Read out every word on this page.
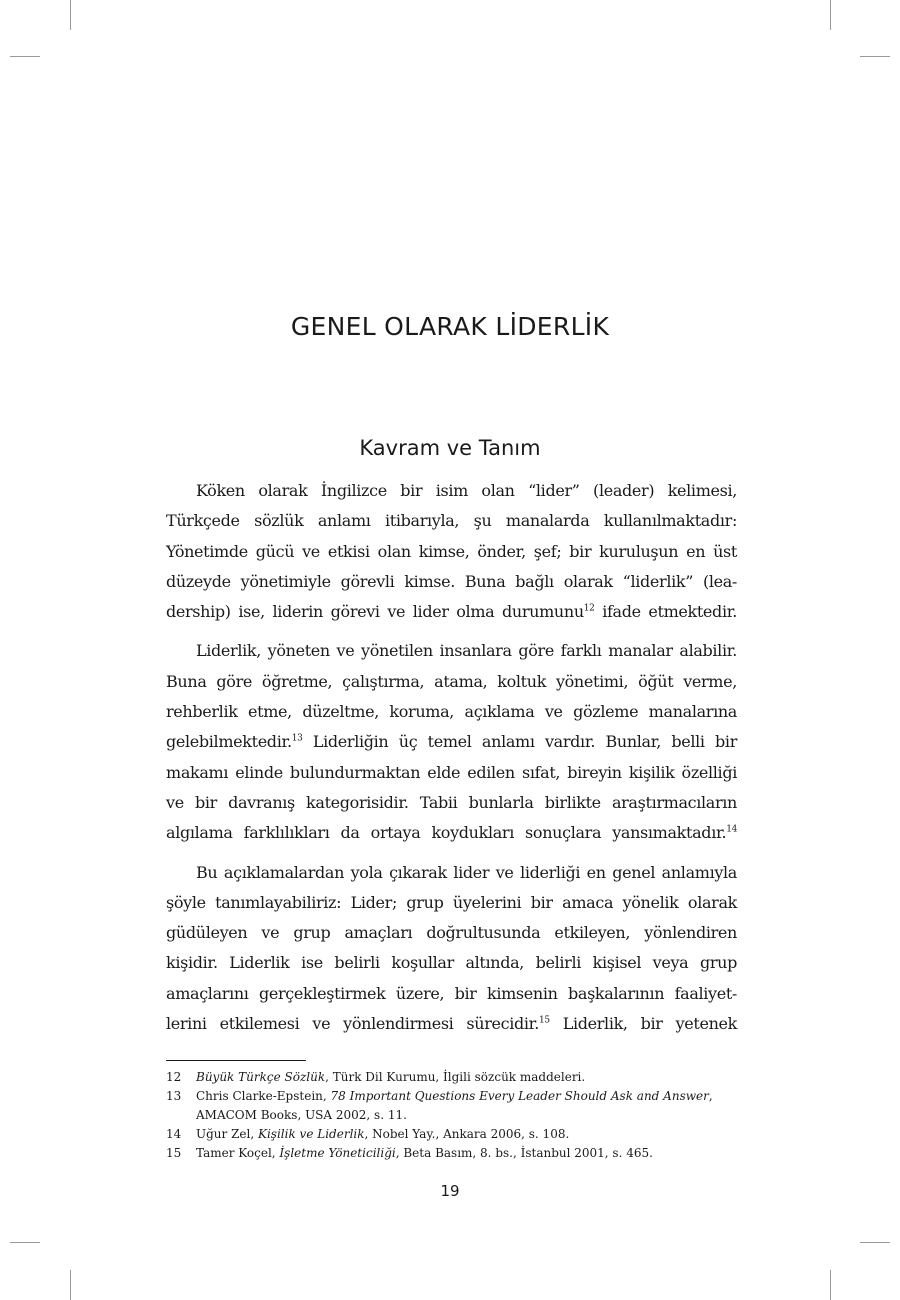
GENEL OLARAK LİDERLİK
Kavram ve Tanım

Köken olarak İngilizce bir isim olan “lider” (leader) kelimesi,

Türkçede sözlük anlamı itibarıyla, şu manalarda kullanılmaktadır:

Yönetimde gücü ve etkisi olan kimse, önder, şef; bir kuruluşun en üst

düzeyde yönetimiyle görevli kimse. Buna bağlı olarak “liderlik” (lea-

dership) ise, liderin görevi ve lider olma durumunu$^{12}$ ifade etmektedir.

Liderlik, yöneten ve yönetilen insanlara göre farklı manalar alabilir.

Buna göre öğretme, çalıştırma, atama, koltuk yönetimi, öğüt verme,

rehberlik etme, düzeltme, koruma, açıklama ve gözleme manalarına

gelebilmektedir.$^{13}$ Liderliğin üç temel anlamı vardır. Bunlar, belli bir

makamı elinde bulundurmaktan elde edilen sıfat, bireyin kişilik özelliği

ve bir davranış kategorisidir. Tabii bunlarla birlikte araştırmacıların

algılama farklılıkları da ortaya koydukları sonuçlara yansımaktadır.$^{14}$

Bu açıklamalardan yola çıkarak lider ve liderliği en genel anlamıyla

şöyle tanımlayabiliriz: Lider; grup üyelerini bir amaca yönelik olarak

güdüleyen ve grup amaçları doğrultusunda etkileyen, yönlendiren

kişidir. Liderlik ise belirli koşullar altında, belirli kişisel veya grup

amaçlarını gerçekleştirmek üzere, bir kimsenin başkalarının faaliyet-

lerini etkilemesi ve yönlendirmesi sürecidir.$^{15}$ Liderlik, bir yetenek

12 Büyük Türkçe Sözlük, Türk Dil Kurumu, İlgili sözcük maddeleri.
13 Chris Clarke-Epstein, 78 Important Questions Every Leader Should Ask and Answer,
AMACOM Books, USA 2002, s. 11.
14 Uğur Zel, Kişilik ve Liderlik, Nobel Yay., Ankara 2006, s. 108.
15 Tamer Koçel, İşletme Yöneticiliği, Beta Basım, 8. bs., İstanbul 2001, s. 465.
19
